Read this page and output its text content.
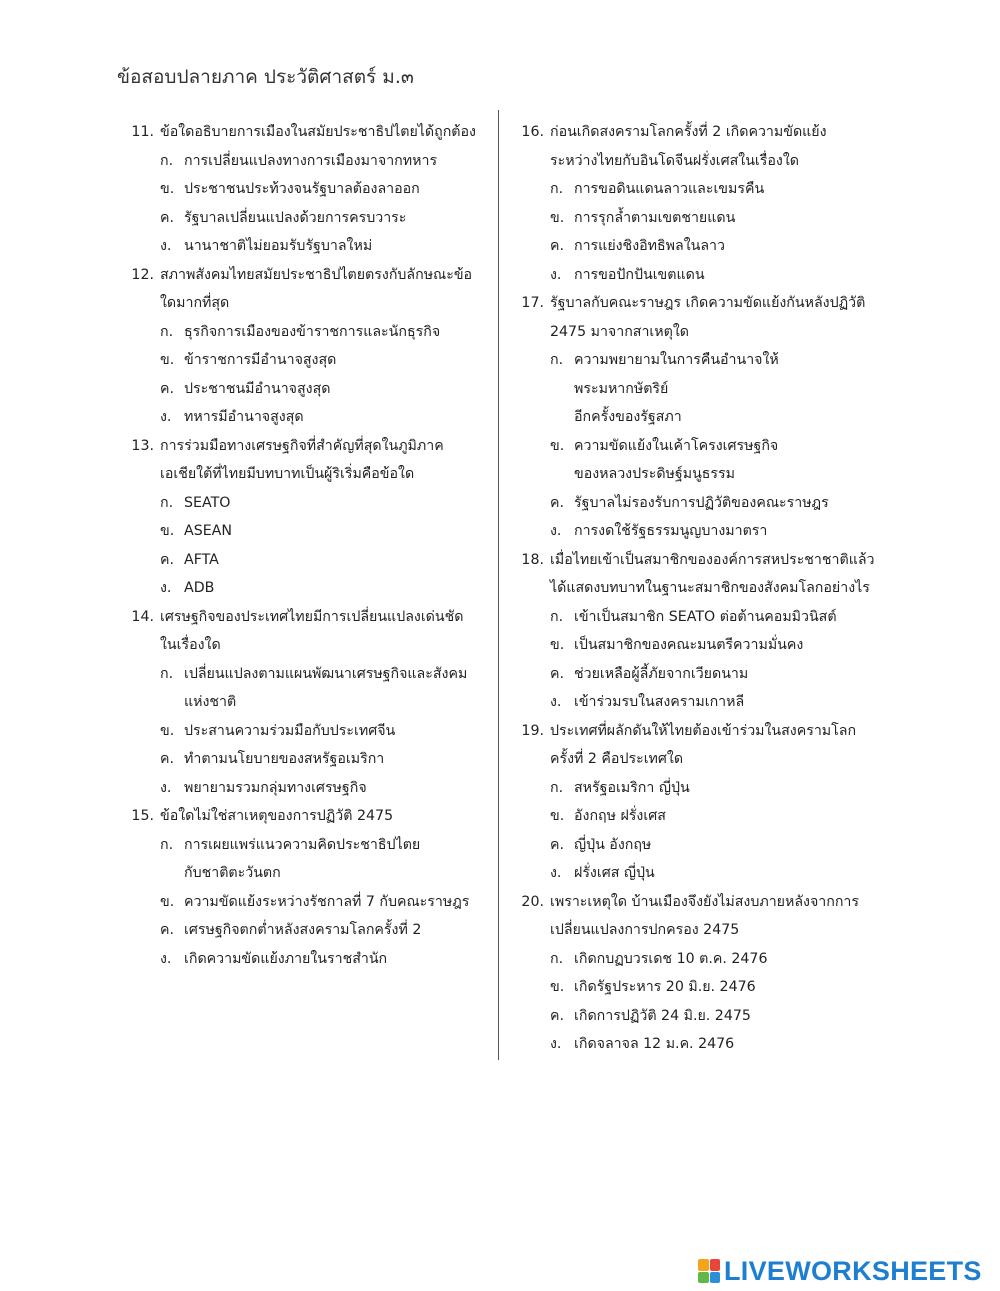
ข้อสอบปลายภาค ประวัติศาสตร์ ม.๓
11. ข้อใดอธิบายการเมืองในสมัยประชาธิปไตยได้ถูกต้อง
ก. การเปลี่ยนแปลงทางการเมืองมาจากทหาร
ข. ประชาชนประท้วงจนรัฐบาลต้องลาออก
ค. รัฐบาลเปลี่ยนแปลงด้วยการครบวาระ
ง. นานาชาติไม่ยอมรับรัฐบาลใหม่
12. สภาพสังคมไทยสมัยประชาธิปไตยตรงกับลักษณะข้อ
ใดมากที่สุด
ก. ธุรกิจการเมืองของข้าราชการและนักธุรกิจ
ข. ข้าราชการมีอำนาจสูงสุด
ค. ประชาชนมีอำนาจสูงสุด
ง. ทหารมีอำนาจสูงสุด
13. การร่วมมือทางเศรษฐกิจที่สำคัญที่สุดในภูมิภาค
เอเชียใต้ที่ไทยมีบทบาทเป็นผู้ริเริ่มคือข้อใด
ก. SEATO
ข. ASEAN
ค. AFTA
ง. ADB
14. เศรษฐกิจของประเทศไทยมีการเปลี่ยนแปลงเด่นชัด
ในเรื่องใด
ก. เปลี่ยนแปลงตามแผนพัฒนาเศรษฐกิจและสังคม
แห่งชาติ
ข. ประสานความร่วมมือกับประเทศจีน
ค. ทำตามนโยบายของสหรัฐอเมริกา
ง. พยายามรวมกลุ่มทางเศรษฐกิจ
15. ข้อใดไม่ใช่สาเหตุของการปฏิวัติ 2475
ก. การเผยแพร่แนวความคิดประชาธิปไตย
กับชาติตะวันตก
ข. ความขัดแย้งระหว่างรัชกาลที่ 7 กับคณะราษฎร
ค. เศรษฐกิจตกต่ำหลังสงครามโลกครั้งที่ 2
ง. เกิดความขัดแย้งภายในราชสำนัก
16. ก่อนเกิดสงครามโลกครั้งที่ 2 เกิดความขัดแย้ง
ระหว่างไทยกับอินโดจีนฝรั่งเศสในเรื่องใด
ก. การขอดินแดนลาวและเขมรคืน
ข. การรุกล้ำตามเขตชายแดน
ค. การแย่งชิงอิทธิพลในลาว
ง. การขอปักปันเขตแดน
17. รัฐบาลกับคณะราษฎร เกิดความขัดแย้งกันหลังปฏิวัติ
2475 มาจากสาเหตุใด
ก. ความพยายามในการคืนอำนาจให้
พระมหากษัตริย์
อีกครั้งของรัฐสภา
ข. ความขัดแย้งในเค้าโครงเศรษฐกิจ
ของหลวงประดิษฐ์มนูธรรม
ค. รัฐบาลไม่รองรับการปฏิวัติของคณะราษฎร
ง. การงดใช้รัฐธรรมนูญบางมาตรา
18. เมื่อไทยเข้าเป็นสมาชิกขององค์การสหประชาชาติแล้ว
ได้แสดงบทบาทในฐานะสมาชิกของสังคมโลกอย่างไร
ก. เข้าเป็นสมาชิก SEATO ต่อต้านคอมมิวนิสต์
ข. เป็นสมาชิกของคณะมนตรีความมั่นคง
ค. ช่วยเหลือผู้ลี้ภัยจากเวียดนาม
ง. เข้าร่วมรบในสงครามเกาหลี
19. ประเทศที่ผลักดันให้ไทยต้องเข้าร่วมในสงครามโลก
ครั้งที่ 2 คือประเทศใด
ก. สหรัฐอเมริกา ญี่ปุ่น
ข. อังกฤษ ฝรั่งเศส
ค. ญี่ปุ่น อังกฤษ
ง. ฝรั่งเศส ญี่ปุ่น
20. เพราะเหตุใด บ้านเมืองจึงยังไม่สงบภายหลังจากการ
เปลี่ยนแปลงการปกครอง 2475
ก. เกิดกบฏบวรเดช 10 ต.ค. 2476
ข. เกิดรัฐประหาร 20 มิ.ย. 2476
ค. เกิดการปฏิวัติ 24 มิ.ย. 2475
ง. เกิดจลาจล 12 ม.ค. 2476
LIVEWORKSHEETS
